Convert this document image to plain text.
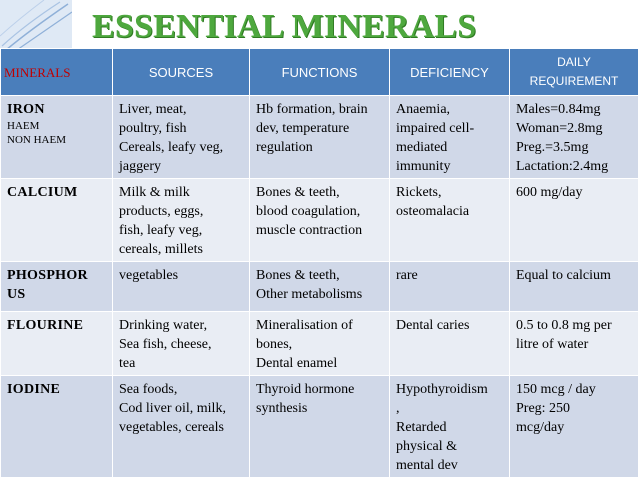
ESSENTIAL MINERALS
MINERALS	SOURCES	FUNCTIONS	DEFICIENCY	DAILY REQUIREMENT

IRON
HAEM
NON HAEM	Liver, meat,
poultry, fish
Cereals, leafy veg,
jaggery	Hb formation, brain
dev, temperature
regulation	Anaemia,
impaired cell-
mediated
immunity	Males=0.84mg
Woman=2.8mg
Preg.=3.5mg
Lactation:2.4mg

CALCIUM	Milk & milk
products, eggs,
fish, leafy veg,
cereals, millets	Bones & teeth,
blood coagulation,
muscle contraction	Rickets,
osteomalacia	600 mg/day

PHOSPHOR
US	vegetables	Bones & teeth,
Other metabolisms	rare	Equal to calcium

FLOURINE	Drinking water,
Sea fish, cheese,
tea	Mineralisation of
bones,
Dental enamel	Dental caries	0.5 to 0.8 mg per
litre of water

IODINE	Sea foods,
Cod liver oil, milk,
vegetables, cereals	Thyroid hormone
synthesis	Hypothyroidism
,
Retarded
physical &
mental dev	150 mcg / day
Preg: 250
mcg/day
